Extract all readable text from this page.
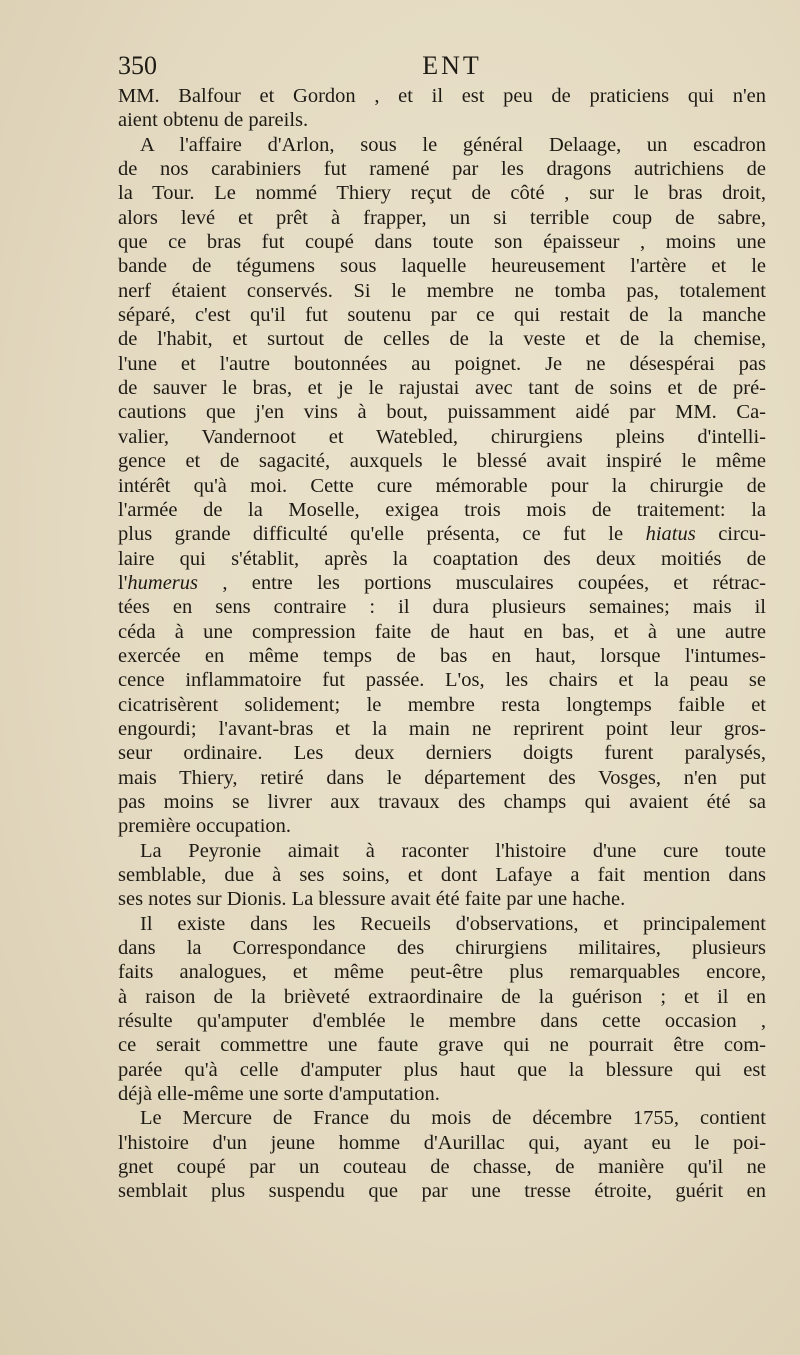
350	ENT
MM. Balfour et Gordon , et il est peu de praticiens qui n'en
aient obtenu de pareils.
A l'affaire d'Arlon, sous le général Delaage, un escadron
de nos carabiniers fut ramené par les dragons autrichiens de
la Tour. Le nommé Thiery reçut de côté , sur le bras droit,
alors levé et prêt à frapper, un si terrible coup de sabre,
que ce bras fut coupé dans toute son épaisseur , moins une
bande de tégumens sous laquelle heureusement l'artère et le
nerf étaient conservés. Si le membre ne tomba pas, totalement
séparé, c'est qu'il fut soutenu par ce qui restait de la manche
de l'habit, et surtout de celles de la veste et de la chemise,
l'une et l'autre boutonnées au poignet. Je ne désespérai pas
de sauver le bras, et je le rajustai avec tant de soins et de pré-
cautions que j'en vins à bout, puissamment aidé par MM. Ca-
valier, Vandernoot et Watebled, chirurgiens pleins d'intelli-
gence et de sagacité, auxquels le blessé avait inspiré le même
intérêt qu'à moi. Cette cure mémorable pour la chirurgie de
l'armée de la Moselle, exigea trois mois de traitement: la
plus grande difficulté qu'elle présenta, ce fut le hiatus circu-
laire qui s'établit, après la coaptation des deux moitiés de
l'humerus , entre les portions musculaires coupées, et rétrac-
tées en sens contraire : il dura plusieurs semaines; mais il
céda à une compression faite de haut en bas, et à une autre
exercée en même temps de bas en haut, lorsque l'intumes-
cence inflammatoire fut passée. L'os, les chairs et la peau se
cicatrisèrent solidement; le membre resta longtemps faible et
engourdi; l'avant-bras et la main ne reprirent point leur gros-
seur ordinaire. Les deux derniers doigts furent paralysés,
mais Thiery, retiré dans le département des Vosges, n'en put
pas moins se livrer aux travaux des champs qui avaient été sa
première occupation.
La Peyronie aimait à raconter l'histoire d'une cure toute
semblable, due à ses soins, et dont Lafaye a fait mention dans
ses notes sur Dionis. La blessure avait été faite par une hache.
Il existe dans les Recueils d'observations, et principalement
dans la Correspondance des chirurgiens militaires, plusieurs
faits analogues, et même peut-être plus remarquables encore,
à raison de la brièveté extraordinaire de la guérison ; et il en
résulte qu'amputer d'emblée le membre dans cette occasion ,
ce serait commettre une faute grave qui ne pourrait être com-
parée qu'à celle d'amputer plus haut que la blessure qui est
déjà elle-même une sorte d'amputation.
Le Mercure de France du mois de décembre 1755, contient
l'histoire d'un jeune homme d'Aurillac qui, ayant eu le poi-
gnet coupé par un couteau de chasse, de manière qu'il ne
semblait plus suspendu que par une tresse étroite, guérit en
